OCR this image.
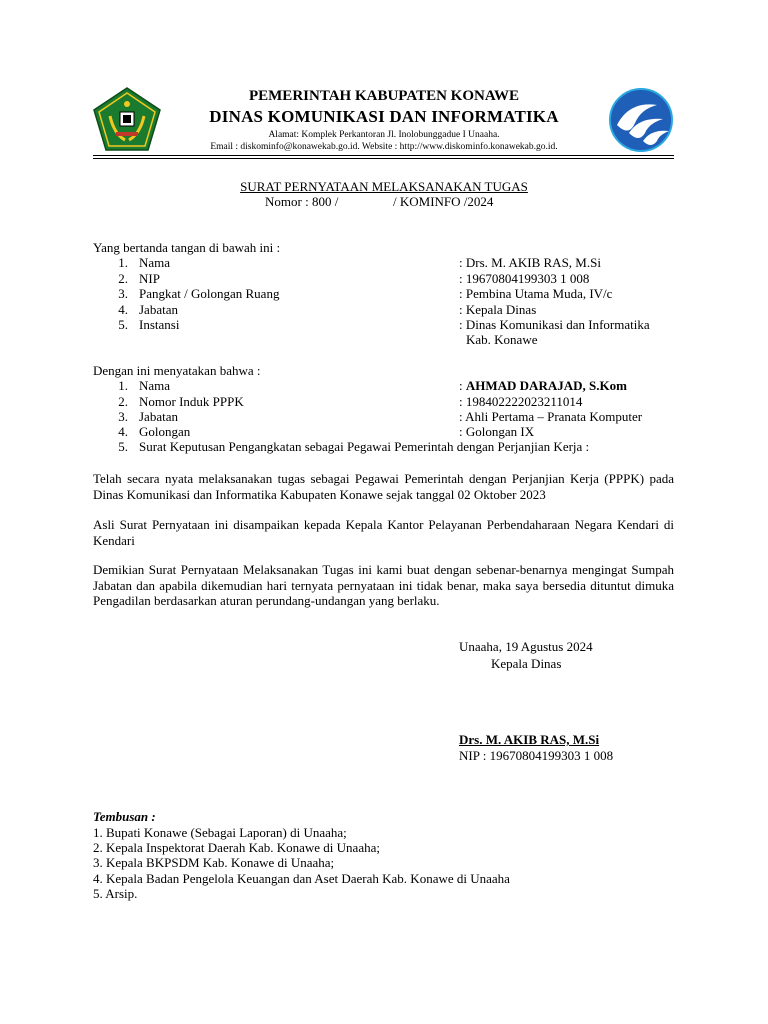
PEMERINTAH KABUPATEN KONAWE
DINAS KOMUNIKASI DAN INFORMATIKA
Alamat: Komplek Perkantoran Jl. Inolobunggadue I Unaaha.
Email : diskominfo@konawekab.go.id. Website : http://www.diskominfo.konawekab.go.id.
SURAT PERNYATAAN MELAKSANAKAN TUGAS
Nomor : 800 /	/ KOMINFO /2024
Yang bertanda tangan di bawah ini :
1. Nama	: Drs. M. AKIB RAS, M.Si
2. NIP	: 19670804199303 1 008
3. Pangkat / Golongan Ruang	: Pembina Utama Muda, IV/c
4. Jabatan	: Kepala Dinas
5. Instansi	: Dinas Komunikasi dan Informatika
Kab. Konawe
Dengan ini menyatakan bahwa :
1. Nama	: AHMAD DARAJAD, S.Kom
2. Nomor Induk PPPK	: 198402222023211014
3. Jabatan	: Ahli Pertama – Pranata Komputer
4. Golongan	: Golongan IX
5. Surat Keputusan Pengangkatan sebagai Pegawai Pemerintah dengan Perjanjian Kerja :
Telah secara nyata melaksanakan tugas sebagai Pegawai Pemerintah dengan Perjanjian Kerja (PPPK) pada Dinas Komunikasi dan Informatika Kabupaten Konawe sejak tanggal 02 Oktober 2023
Asli Surat Pernyataan ini disampaikan kepada Kepala Kantor Pelayanan Perbendaharaan Negara Kendari di Kendari
Demikian Surat Pernyataan Melaksanakan Tugas ini kami buat dengan sebenar-benarnya mengingat Sumpah Jabatan dan apabila dikemudian hari ternyata pernyataan ini tidak benar, maka saya bersedia dituntut dimuka Pengadilan berdasarkan aturan perundang-undangan yang berlaku.
Unaaha, 19 Agustus 2024
Kepala Dinas
Drs. M. AKIB RAS, M.Si
NIP : 19670804199303 1 008
Tembusan :
1. Bupati Konawe (Sebagai Laporan) di Unaaha;
2. Kepala Inspektorat Daerah Kab. Konawe di Unaaha;
3. Kepala BKPSDM Kab. Konawe di Unaaha;
4. Kepala Badan Pengelola Keuangan dan Aset Daerah Kab. Konawe di Unaaha
5. Arsip.
